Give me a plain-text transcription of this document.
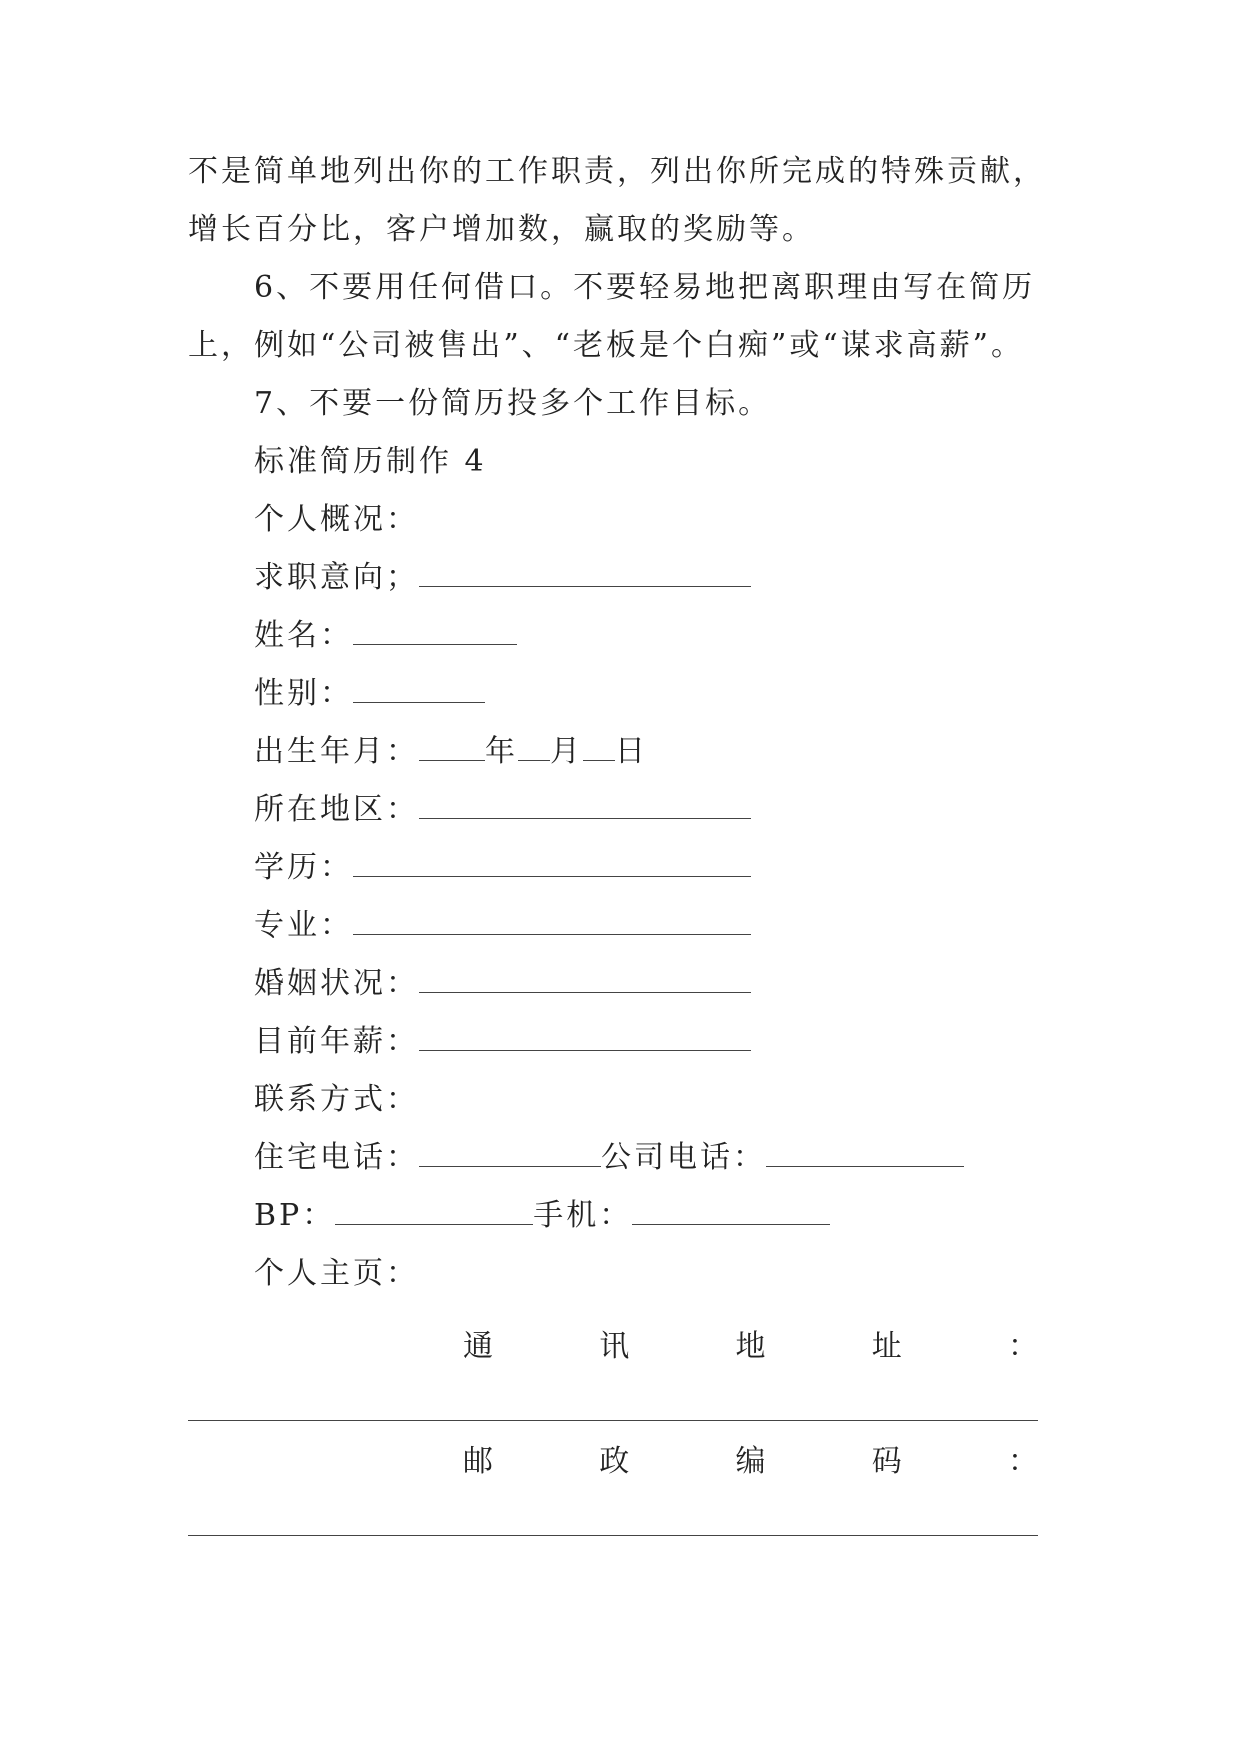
不是简单地列出你的工作职责，列出你所完成的特殊贡献，
增长百分比，客户增加数，赢取的奖励等。
6、不要用任何借口。不要轻易地把离职理由写在简历
上，例如“公司被售出”、“老板是个白痴”或“谋求高薪”。
7、不要一份简历投多个工作目标。
标准简历制作 4
个人概况：
求职意向；
姓名：
性别：
出生年月： 年 月 日
所在地区：
学历：
专业：
婚姻状况：
目前年薪：
联系方式：
住宅电话：	公司电话：
BP：	手机：
个人主页：
通	讯	地	址	：
邮	政	编	码	：
